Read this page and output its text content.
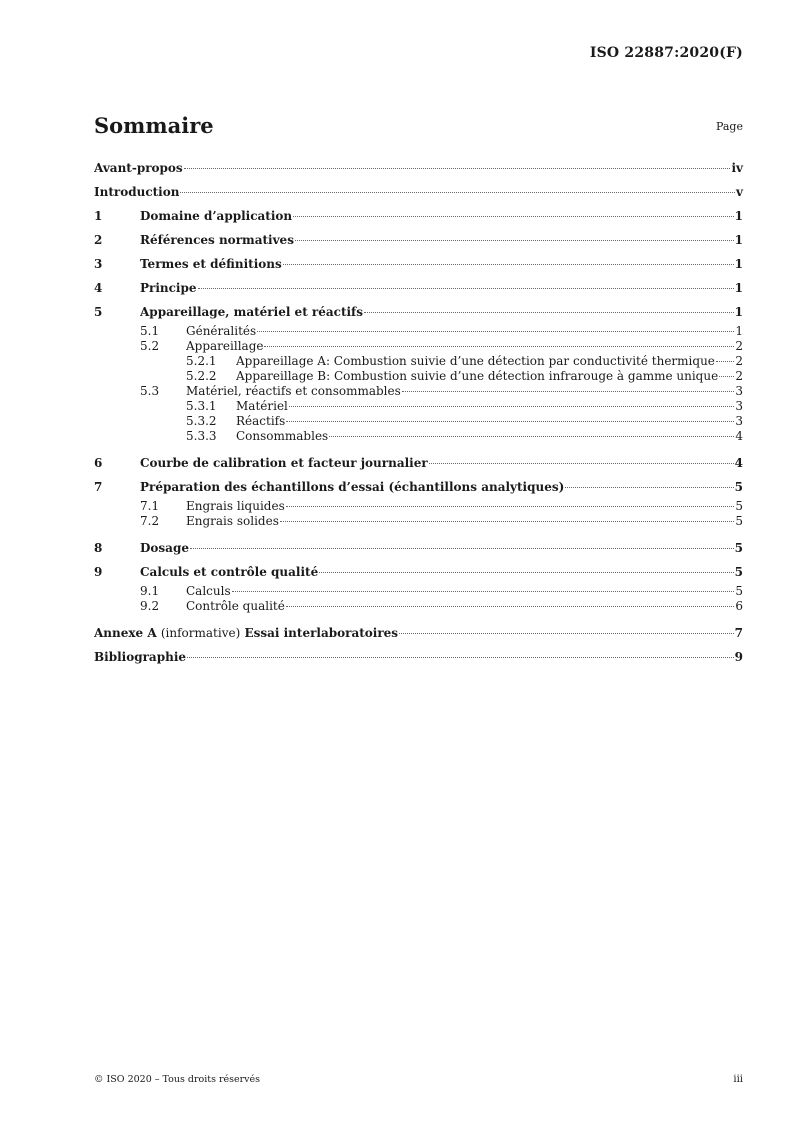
ISO 22887:2020(F)
Sommaire	Page
Avant-propos	iv
Introduction	v
1	Domaine d’application	1
2	Références normatives	1
3	Termes et définitions	1
4	Principe	1
5	Appareillage, matériel et réactifs	1
5.1	Généralités	1
5.2	Appareillage	2
5.2.1	Appareillage A: Combustion suivie d’une détection par conductivité thermique 2
5.2.2	Appareillage B: Combustion suivie d’une détection infrarouge à gamme unique 2
5.3	Matériel, réactifs et consommables	3
5.3.1	Matériel	3
5.3.2	Réactifs	3
5.3.3	Consommables	4
6	Courbe de calibration et facteur journalier	4
7	Préparation des échantillons d’essai (échantillons analytiques)	5
7.1	Engrais liquides	5
7.2	Engrais solides	5
8	Dosage	5
9	Calculs et contrôle qualité	5
9.1	Calculs	5
9.2	Contrôle qualité	6
Annexe A (informative) Essai interlaboratoires	7
Bibliographie	9
© ISO 2020 – Tous droits réservés	iii
